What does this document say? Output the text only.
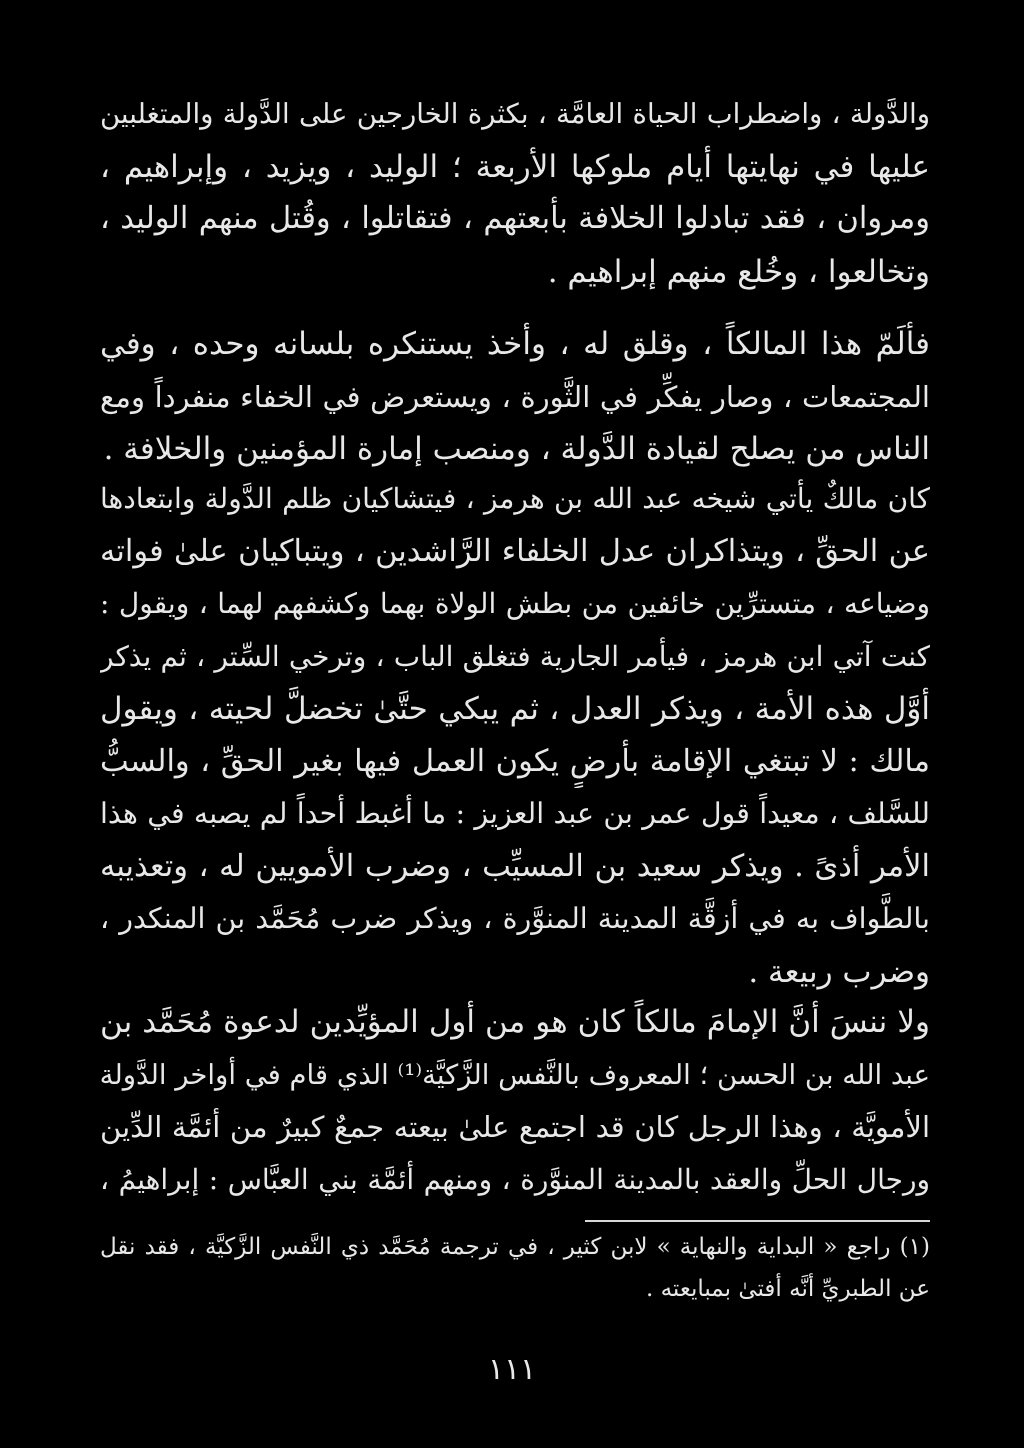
والدَّولة ، واضطراب الحياة العامَّة ، بكثرة الخارجين على الدَّولة والمتغلبين
عليها في نهايتها أيام ملوكها الأربعة ؛ الوليد ، ويزيد ، وإبراهيم ،
ومروان ، فقد تبادلوا الخلافة بأبعتهم ، فتقاتلوا ، وقُتل منهم الوليد ،
وتخالعوا ، وخُلع منهم إبراهيم .
فألَمّ هذا المالكاً ، وقلق له ، وأخذ يستنكره بلسانه وحده ، وفي
المجتمعات ، وصار يفكِّر في الثَّورة ، ويستعرض في الخفاء منفرداً ومع
الناس من يصلح لقيادة الدَّولة ، ومنصب إمارة المؤمنين والخلافة .
كان مالكٌ يأتي شيخه عبد الله بن هرمز ، فيتشاكيان ظلم الدَّولة وابتعادها
عن الحقِّ ، ويتذاكران عدل الخلفاء الرَّاشدين ، ويتباكيان علىٰ فواته
وضياعه ، متسترِّين خائفين من بطش الولاة بهما وكشفهم لهما ، ويقول :
كنت آتي ابن هرمز ، فيأمر الجارية فتغلق الباب ، وترخي السِّتر ، ثم يذكر
أوَّل هذه الأمة ، ويذكر العدل ، ثم يبكي حتَّىٰ تخضلَّ لحيته ، ويقول
مالك : لا تبتغي الإقامة بأرضٍ يكون العمل فيها بغير الحقِّ ، والسبُّ
للسَّلف ، معيداً قول عمر بن عبد العزيز : ما أغبط أحداً لم يصبه في هذا
الأمر أذىً . ويذكر سعيد بن المسيِّب ، وضرب الأمويين له ، وتعذيبه
بالطَّواف به في أزقَّة المدينة المنوَّرة ، ويذكر ضرب مُحَمَّد بن المنكدر ،
وضرب ربيعة .
ولا ننسَ أنَّ الإمامَ مالكاً كان هو من أول المؤيِّدين لدعوة مُحَمَّد بن
عبد الله بن الحسن ؛ المعروف بالنَّفس الزَّكيَّة⁽¹⁾ الذي قام في أواخر الدَّولة
الأمويَّة ، وهذا الرجل كان قد اجتمع علىٰ بيعته جمعٌ كبيرٌ من أئمَّة الدِّين
ورجال الحلِّ والعقد بالمدينة المنوَّرة ، ومنهم أئمَّة بني العبَّاس : إبراهيمُ ،
(١) راجع « البداية والنهاية » لابن كثير ، في ترجمة مُحَمَّد ذي النَّفس الزَّكيَّة ، فقد نقل
عن الطبريِّ أنَّه أفتىٰ بمبايعته .
١١١
